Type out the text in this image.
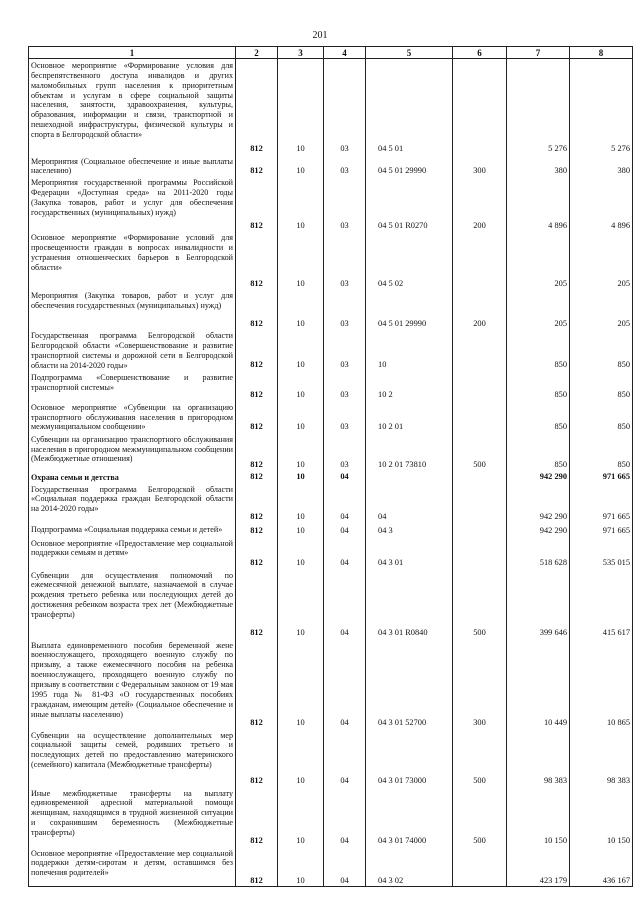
201
1	2	3	4	5	6	7	8
Основное мероприятие «Формирование условия для беспрепятственного доступа инвалидов и других маломобильных групп населения к приоритетным объектам и услугам в сфере социальной защиты населения, занятости, здравоохранения, культуры, образования, информации и связи, транспортной и пешеходной инфраструктуры, физической культуры и спорта в Белгородской области»	812	10	03	04 5 01		5 276	5 276
Мероприятия (Социальное обеспечение и иные выплаты населению)	812	10	03	04 5 01 29990	300	380	380
Мероприятия государственной программы Российской Федерации «Доступная среда» на 2011-2020 годы (Закупка товаров, работ и услуг для обеспечения государственных (муниципальных) нужд)	812	10	03	04 5 01 R0270	200	4 896	4 896
Основное мероприятие «Формирование условий для просвещенности граждан в вопросах инвалидности и устранения отношенческих барьеров в Белгородской области»	812	10	03	04 5 02		205	205
Мероприятия (Закупка товаров, работ и услуг для обеспечения государственных (муниципальных) нужд)	812	10	03	04 5 01 29990	200	205	205
Государственная программа Белгородской области Белгородской области «Совершенствование и развитие транспортной системы и дорожной сети в Белгородской области на 2014-2020 годы»	812	10	03	10		850	850
Подпрограмма «Совершенствование и развитие транспортной системы»	812	10	03	10 2		850	850
Основное мероприятие «Субвенции на организацию транспортного обслуживания населения в пригородном межмуниципальном сообщении»	812	10	03	10 2 01		850	850
Субвенции на организацию транспортного обслуживания населения в пригородном межмуниципальном сообщении (Межбюджетные отношения)	812	10	03	10 2 01 73810	500	850	850
Охрана семьи и детства	812	10	04			942 290	971 665
Государственная программа Белгородской области «Социальная поддержка граждан Белгородской области на 2014-2020 годы»	812	10	04	04		942 290	971 665
Подпрограмма «Социальная поддержка семьи и детей»	812	10	04	04 3		942 290	971 665
Основное мероприятие «Предоставление мер социальной поддержки семьям и детям»	812	10	04	04 3 01		518 628	535 015
Субвенции для осуществления полномочий по ежемесячной денежной выплате, назначаемой в случае рождения третьего ребенка или последующих детей до достижения ребенком возраста трех лет (Межбюджетные трансферты)	812	10	04	04 3 01 R0840	500	399 646	415 617
Выплата единовременного пособия беременной жене военнослужащего, проходящего военную службу по призыву, а также ежемесячного пособия на ребенка военнослужащего, проходящего военную службу по призыву в соответствии с Федеральным законом от 19 мая 1995 года № 81-ФЗ «О государственных пособиях гражданам, имеющим детей» (Социальное обеспечение и иные выплаты населению)	812	10	04	04 3 01 52700	300	10 449	10 865
Субвенции на осуществление дополнительных мер социальной защиты семей, родивших третьего и последующих детей по предоставлению материнского (семейного) капитала (Межбюджетные трансферты)	812	10	04	04 3 01 73000	500	98 383	98 383
Иные межбюджетные трансферты на выплату единовременной адресной материальной помощи женщинам, находящимся в трудной жизненной ситуации и сохранившим беременность (Межбюджетные трансферты)	812	10	04	04 3 01 74000	500	10 150	10 150
Основное мероприятие «Предоставление мер социальной поддержки детям-сиротам и детям, оставшимся без попечения родителей»	812	10	04	04 3 02		423 179	436 167
